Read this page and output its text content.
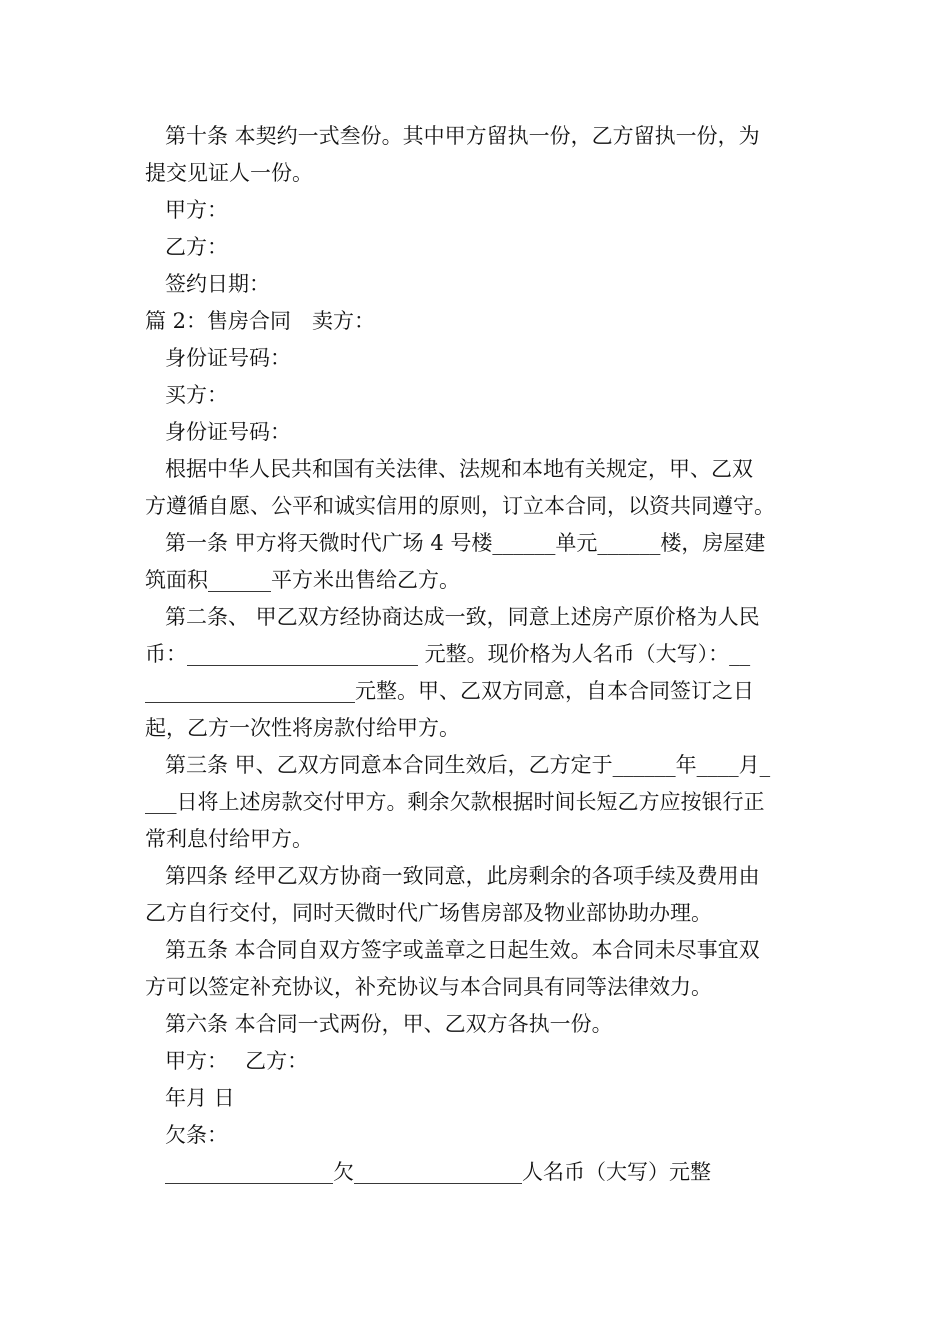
第十条 本契约一式叁份。其中甲方留执一份，乙方留执一份，为
提交见证人一份。
甲方：
乙方：
签约日期：
篇 2：售房合同　卖方：
身份证号码：
买方：
身份证号码：
根据中华人民共和国有关法律、法规和本地有关规定，甲、乙双
方遵循自愿、公平和诚实信用的原则，订立本合同，以资共同遵守。
第一条 甲方将天微时代广场 4 号楼______单元______楼，房屋建
筑面积______平方米出售给乙方。
第二条、 甲乙双方经协商达成一致，同意上述房产原价格为人民
币：______________________ 元整。现价格为人名币（大写）：__
____________________元整。甲、乙双方同意，自本合同签订之日
起，乙方一次性将房款付给甲方。
第三条 甲、乙双方同意本合同生效后，乙方定于______年____月_
___日将上述房款交付甲方。剩余欠款根据时间长短乙方应按银行正
常利息付给甲方。
第四条 经甲乙双方协商一致同意，此房剩余的各项手续及费用由
乙方自行交付，同时天微时代广场售房部及物业部协助办理。
第五条 本合同自双方签字或盖章之日起生效。本合同未尽事宜双
方可以签定补充协议，补充协议与本合同具有同等法律效力。
第六条 本合同一式两份，甲、乙双方各执一份。
甲方：　 乙方：
年月 日
欠条：
________________欠________________人名币（大写）元整
